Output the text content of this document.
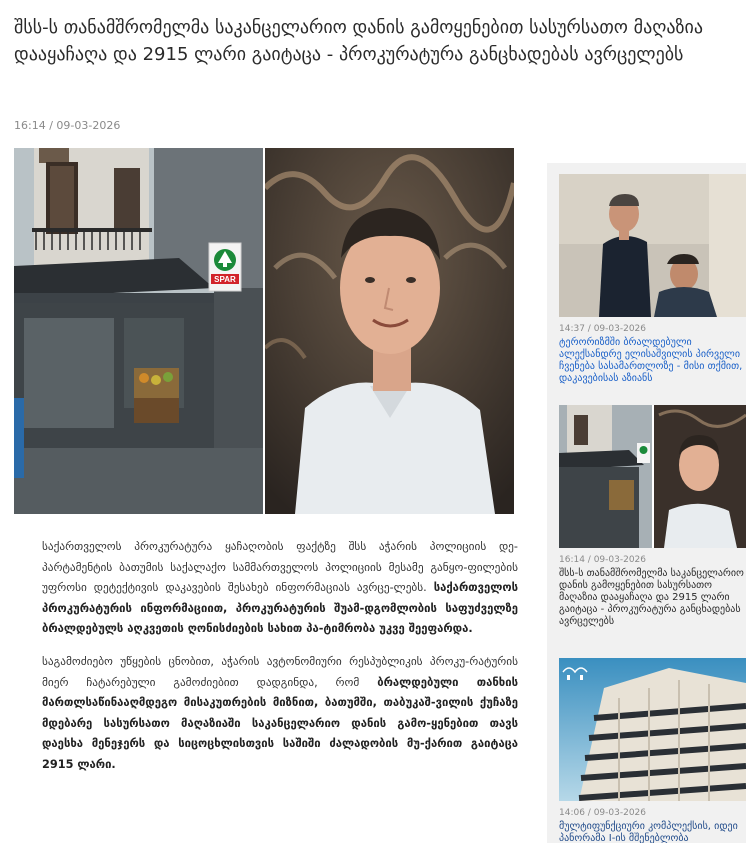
შსს-ს თანამშრომელმა საკანცელარიო დანის გამოყენებით სასურსათო მაღაზია დააყაჩაღა და 2915 ლარი გაიტაცა - პროკურატურა განცხადებას ავრცელებს
16:14 / 09-03-2026
SPAR

საქართველოს პროკურატურა ყაჩაღობის ფაქტზე შსს აჭარის პოლიციის დე-პარტამენტის ბათუმის საქალაქო სამმართველოს პოლიციის მესამე განყო-ფილების უფროსი დეტექტივის დაკავების შესახებ ინფორმაციას ავრცე-ლებს. საქართველოს პროკურატურის ინფორმაციით, პროკურატურის შუამ-დგომლობის საფუძველზე ბრალდებულს აღკვეთის ღონისძიების სახით პა-ტიმრობა უკვე შეეფარდა.

საგამოძიებო უწყების ცნობით, აჭარის ავტონომიური რესპუბლიკის პროკუ-რატურის მიერ ჩატარებული გამოძიებით დადგინდა, რომ ბრალდებული თანხის მართლსაწინააღმდეგო მისაკუთრების მიზნით, ბათუმში, თაბუკაშ-ვილის ქუჩაზე მდებარე სასურსათო მაღაზიაში საკანცელარიო დანის გამო-ყენებით თავს დაესხა მენეჯერს და სიცოცხლისთვის საშიში ძალადობის მუ-ქარით გაიტაცა 2915 ლარი.

14:37 / 09-03-2026
ტერორიზმში ბრალდებული ალექსანდრე ელისაშვილის პირველი ჩვენება სასამართლოზე - მისი თქმით, დაკავებისას აზიანს
16:14 / 09-03-2026
შსს-ს თანამშრომელმა საკანცელარიო დანის გამოყენებით სასურსათო მაღაზია დააყაჩაღა და 2915 ლარი გაიტაცა - პროკურატურა განცხადებას ავრცელებს
14:06 / 09-03-2026
მულტიფუნქციური კომპლექსის, იდეი პანორამა I-ის მშენებლობა
